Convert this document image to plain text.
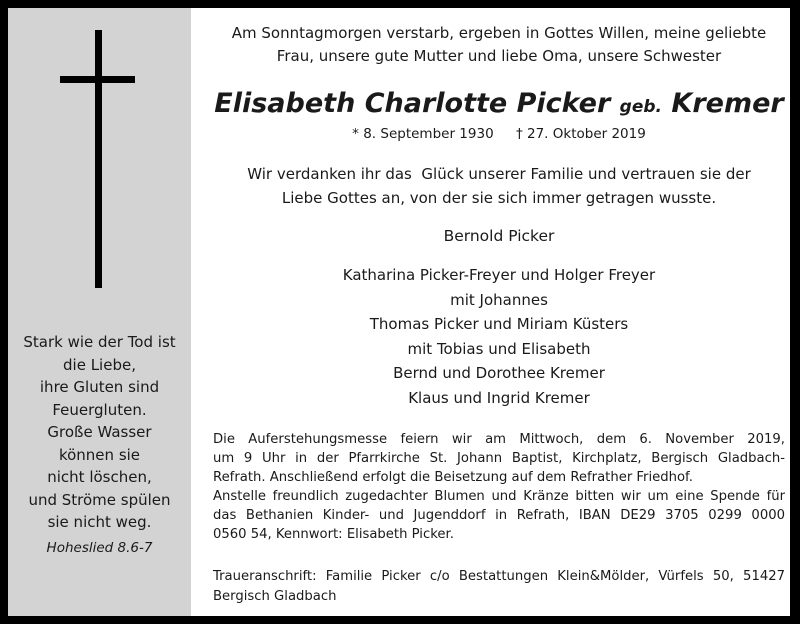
Stark wie der Tod ist
die Liebe,
ihre Gluten sind
Feuergluten.
Große Wasser
können sie
nicht löschen,
und Ströme spülen
sie nicht weg.
Hoheslied 8.6-7
Am Sonntagmorgen verstarb, ergeben in Gottes Willen, meine geliebte
Frau, unsere gute Mutter und liebe Oma, unsere Schwester
Elisabeth Charlotte Picker geb. Kremer
* 8. September 1930 † 27. Oktober 2019
Wir verdanken ihr das  Glück unserer Familie und vertrauen sie der
Liebe Gottes an, von der sie sich immer getragen wusste.
Bernold Picker
Katharina Picker-Freyer und Holger Freyer
mit Johannes
Thomas Picker und Miriam Küsters
mit Tobias und Elisabeth
Bernd und Dorothee Kremer
Klaus und Ingrid Kremer
Die Auferstehungsmesse feiern wir am Mittwoch, dem 6. November 2019,
um 9 Uhr in der Pfarrkirche St. Johann Baptist, Kirchplatz, Bergisch Gladbach-
Refrath. Anschließend erfolgt die Beisetzung auf dem Refrather Friedhof.
Anstelle freundlich zugedachter Blumen und Kränze bitten wir um eine Spende für
das Bethanien Kinder- und Jugenddorf in Refrath, IBAN DE29 3705 0299 0000
0560 54, Kennwort: Elisabeth Picker.
Traueranschrift: Familie Picker c/o Bestattungen Klein&Mölder, Vürfels 50, 51427
Bergisch Gladbach
